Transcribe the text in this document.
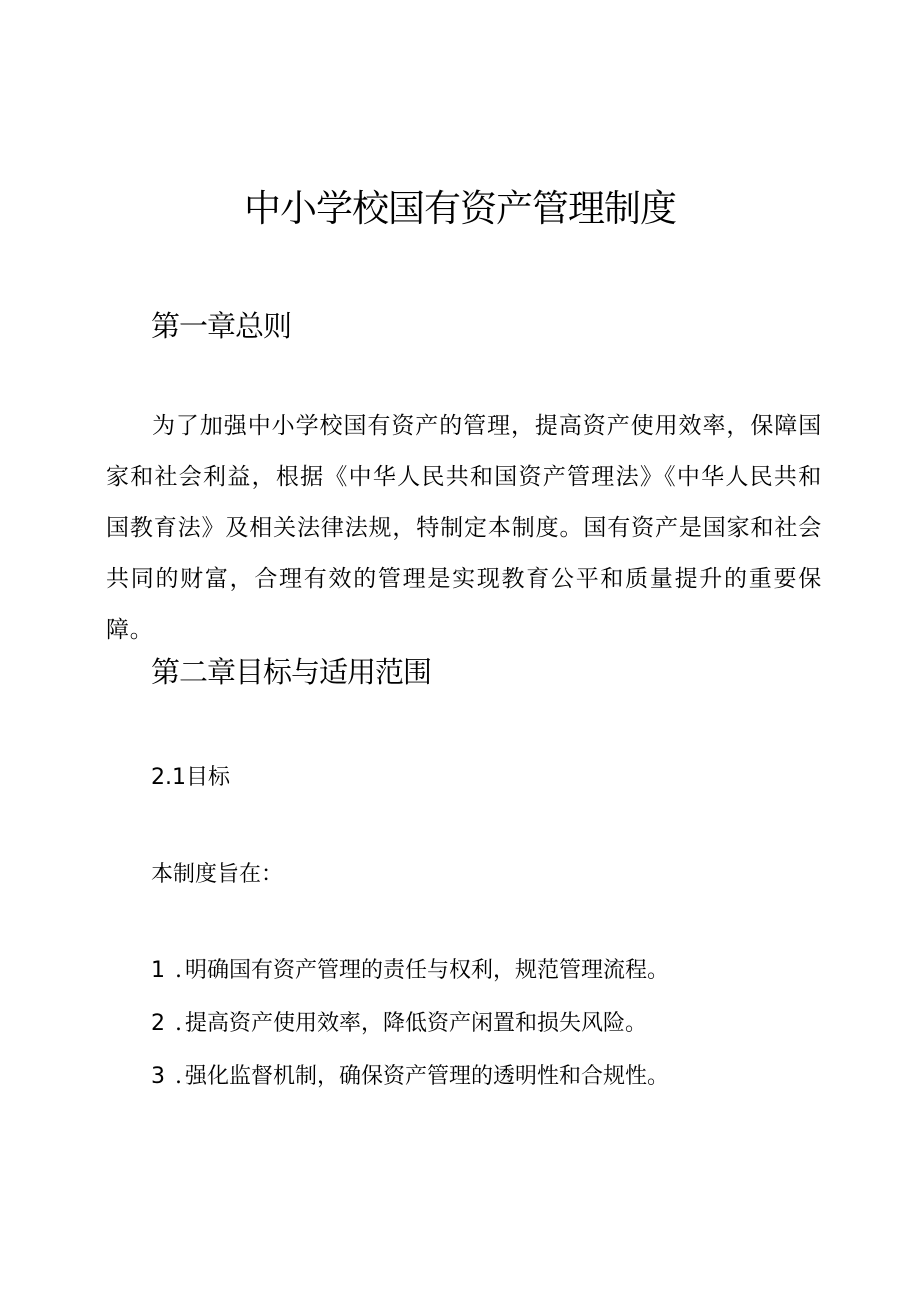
中小学校国有资产管理制度
第一章总则

为了加强中小学校国有资产的管理，提高资产使用效率，保障国家和社会利益，根据《中华人民共和国资产管理法》《中华人民共和国教育法》及相关法律法规，特制定本制度。国有资产是国家和社会共同的财富，合理有效的管理是实现教育公平和质量提升的重要保障。

第二章目标与适用范围
2.1目标

本制度旨在：

1 . 明确国有资产管理的责任与权利，规范管理流程。
2 . 提高资产使用效率，降低资产闲置和损失风险。
3 . 强化监督机制，确保资产管理的透明性和合规性。
